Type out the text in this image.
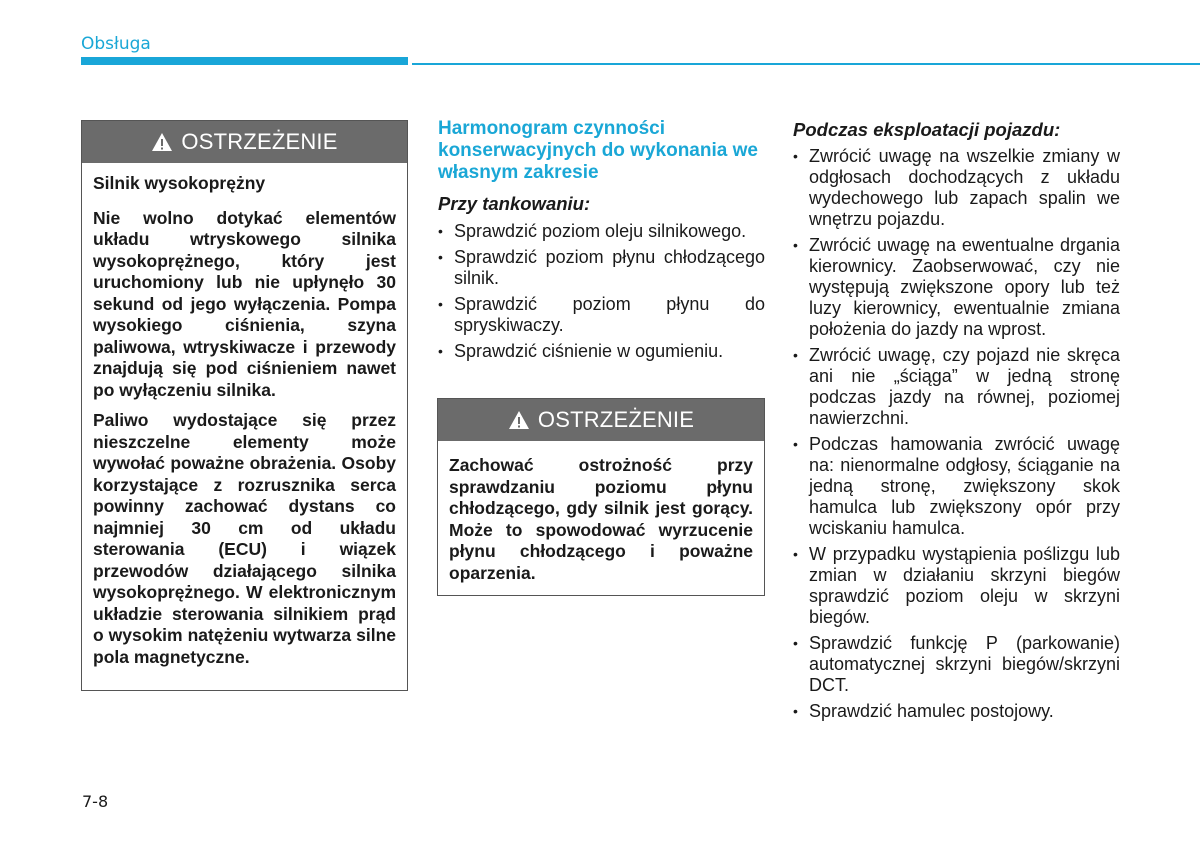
Obsługa
OSTRZEŻENIE

Silnik wysokoprężny

Nie wolno dotykać elementów układu wtryskowego silnika wysokoprężnego, który jest uruchomiony lub nie upłynęło 30 sekund od jego wyłączenia. Pompa wysokiego ciśnienia, szyna paliwowa, wtryskiwacze i przewody znajdują się pod ciśnieniem nawet po wyłączeniu silnika.

Paliwo wydostające się przez nieszczelne elementy może wywołać poważne obrażenia. Osoby korzystające z rozrusznika serca powinny zachować dystans co najmniej 30 cm od układu sterowania (ECU) i wiązek przewodów działającego silnika wysokoprężnego. W elektronicznym układzie sterowania silnikiem prąd o wysokim natężeniu wytwarza silne pola magnetyczne.

Harmonogram czynności konserwacyjnych do wykonania we własnym zakresie
Przy tankowaniu:
• Sprawdzić poziom oleju silnikowego.
• Sprawdzić poziom płynu chłodzącego silnik.
• Sprawdzić poziom płynu do spryskiwaczy.
• Sprawdzić ciśnienie w ogumieniu.
OSTRZEŻENIE

Zachować ostrożność przy sprawdzaniu poziomu płynu chłodzącego, gdy silnik jest gorący. Może to spowodować wyrzucenie płynu chłodzącego i poważne oparzenia.

Podczas eksploatacji pojazdu:
• Zwrócić uwagę na wszelkie zmiany w odgłosach dochodzących z układu wydechowego lub zapach spalin we wnętrzu pojazdu.
• Zwrócić uwagę na ewentualne drgania kierownicy. Zaobserwować, czy nie występują zwiększone opory lub też luzy kierownicy, ewentualnie zmiana położenia do jazdy na wprost.
• Zwrócić uwagę, czy pojazd nie skręca ani nie „ściąga” w jedną stronę podczas jazdy na równej, poziomej nawierzchni.
• Podczas hamowania zwrócić uwagę na: nienormalne odgłosy, ściąganie na jedną stronę, zwiększony skok hamulca lub zwiększony opór przy wciskaniu hamulca.
• W przypadku wystąpienia poślizgu lub zmian w działaniu skrzyni biegów sprawdzić poziom oleju w skrzyni biegów.
• Sprawdzić funkcję P (parkowanie) automatycznej skrzyni biegów/skrzyni DCT.
• Sprawdzić hamulec postojowy.
7-8
